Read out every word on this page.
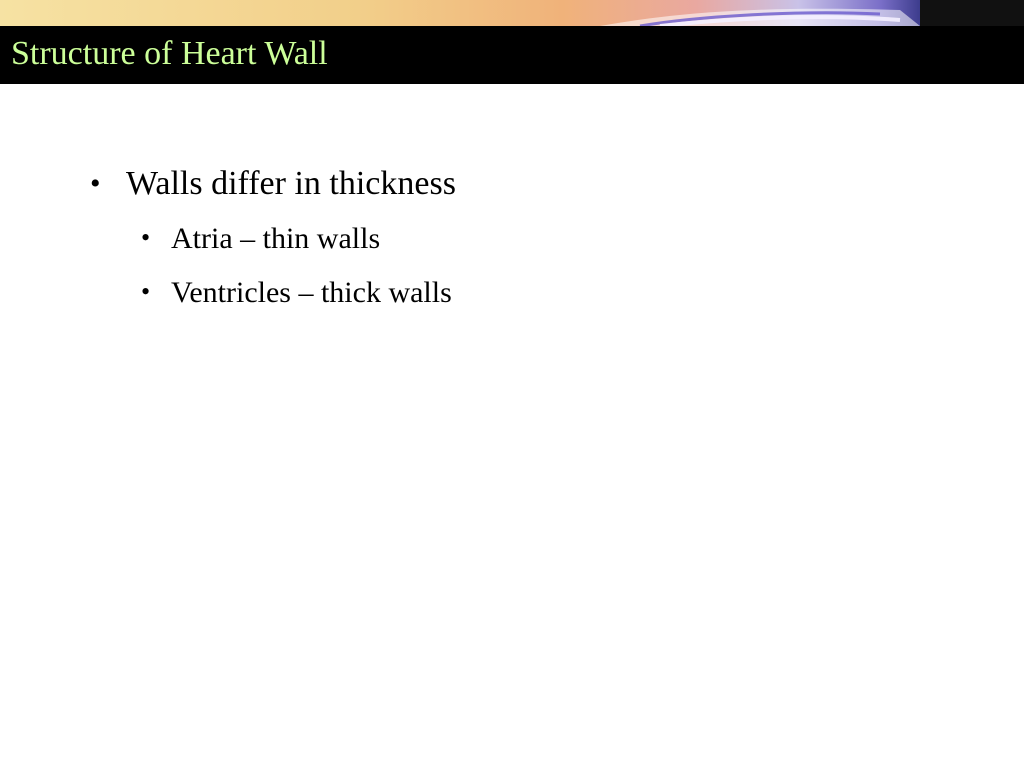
Structure of Heart Wall
• Walls differ in thickness
• Atria – thin walls
• Ventricles – thick walls
